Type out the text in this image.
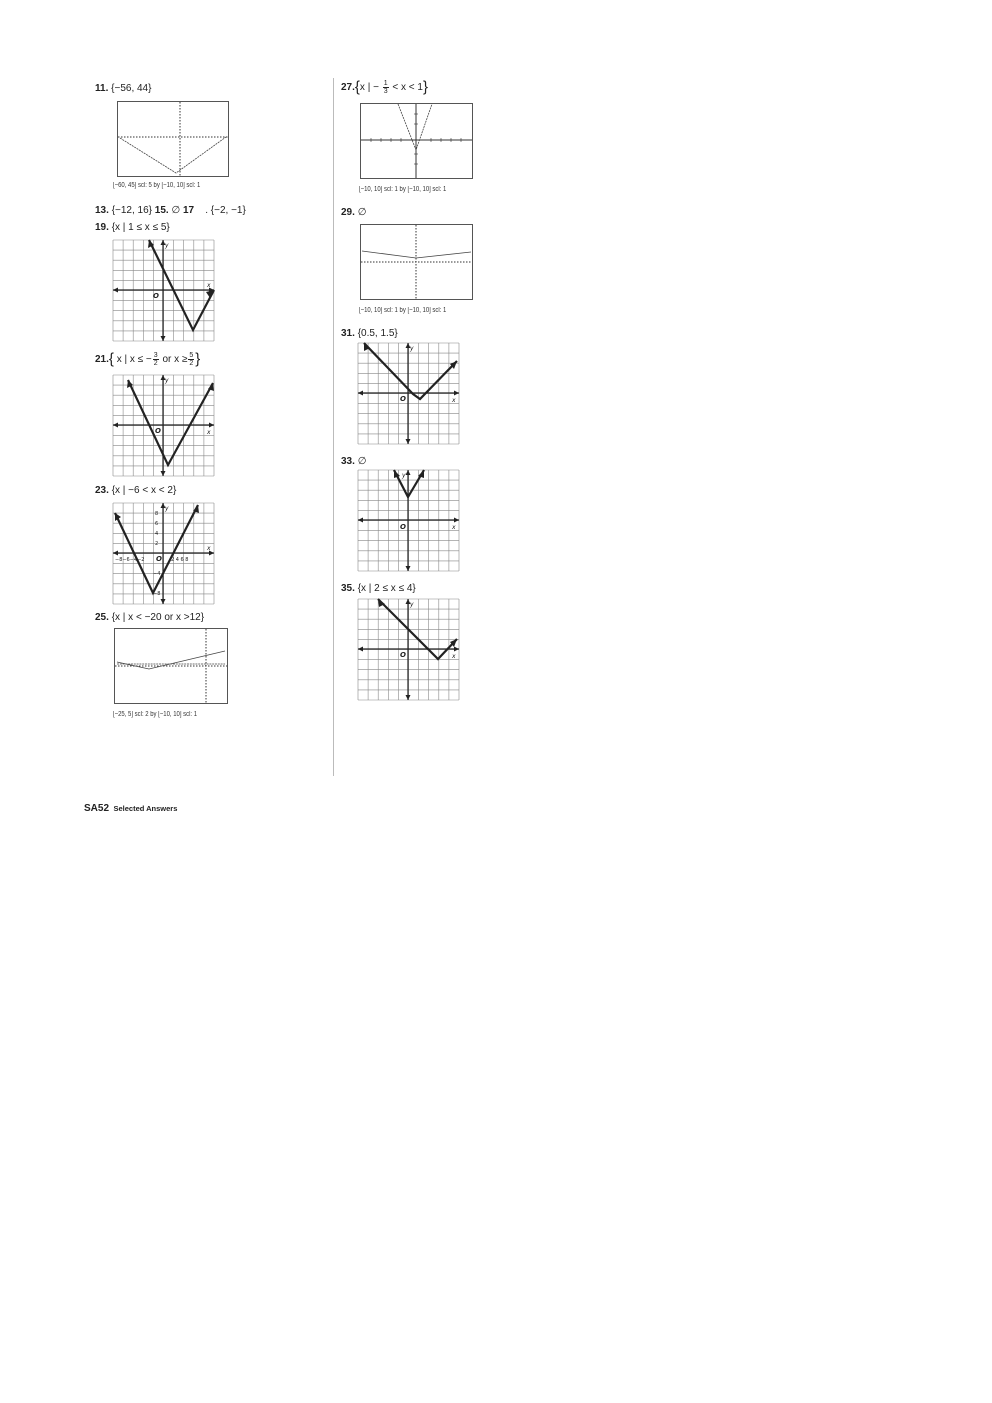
11. {−56, 44}
[−60, 45] scl: 5 by [−10, 10] scl: 1
13. {−12, 16} 15. ∅ 17 . {−2, −1}
19. {x | 1 ≤ x ≤ 5}
y
x
O
21.{ x | x ≤ − $\frac{3}{2}$ or $x \ge \frac{5}{2}$ }
y
x
O
23. {x | −6 < x < 2}
8
6
4
2
−4
−8
−8−6−4−2	2 4 6 8
y
x
O
25. {x | x < −20 or x >12}
[−25, 5] scl: 2 by [−10, 10] scl: 1
27.{x | − $\frac{1}{3} < x < 1$}
[−10, 10] scl: 1 by [−10, 10] scl: 1
29. ∅
[−10, 10] scl: 1 by [−10, 10] scl: 1
31. {0.5, 1.5}
y
x
O
33. ∅
y
x
O
35. {x | 2 ≤ x ≤ 4}
y
x
O
SA52 Selected Answers
